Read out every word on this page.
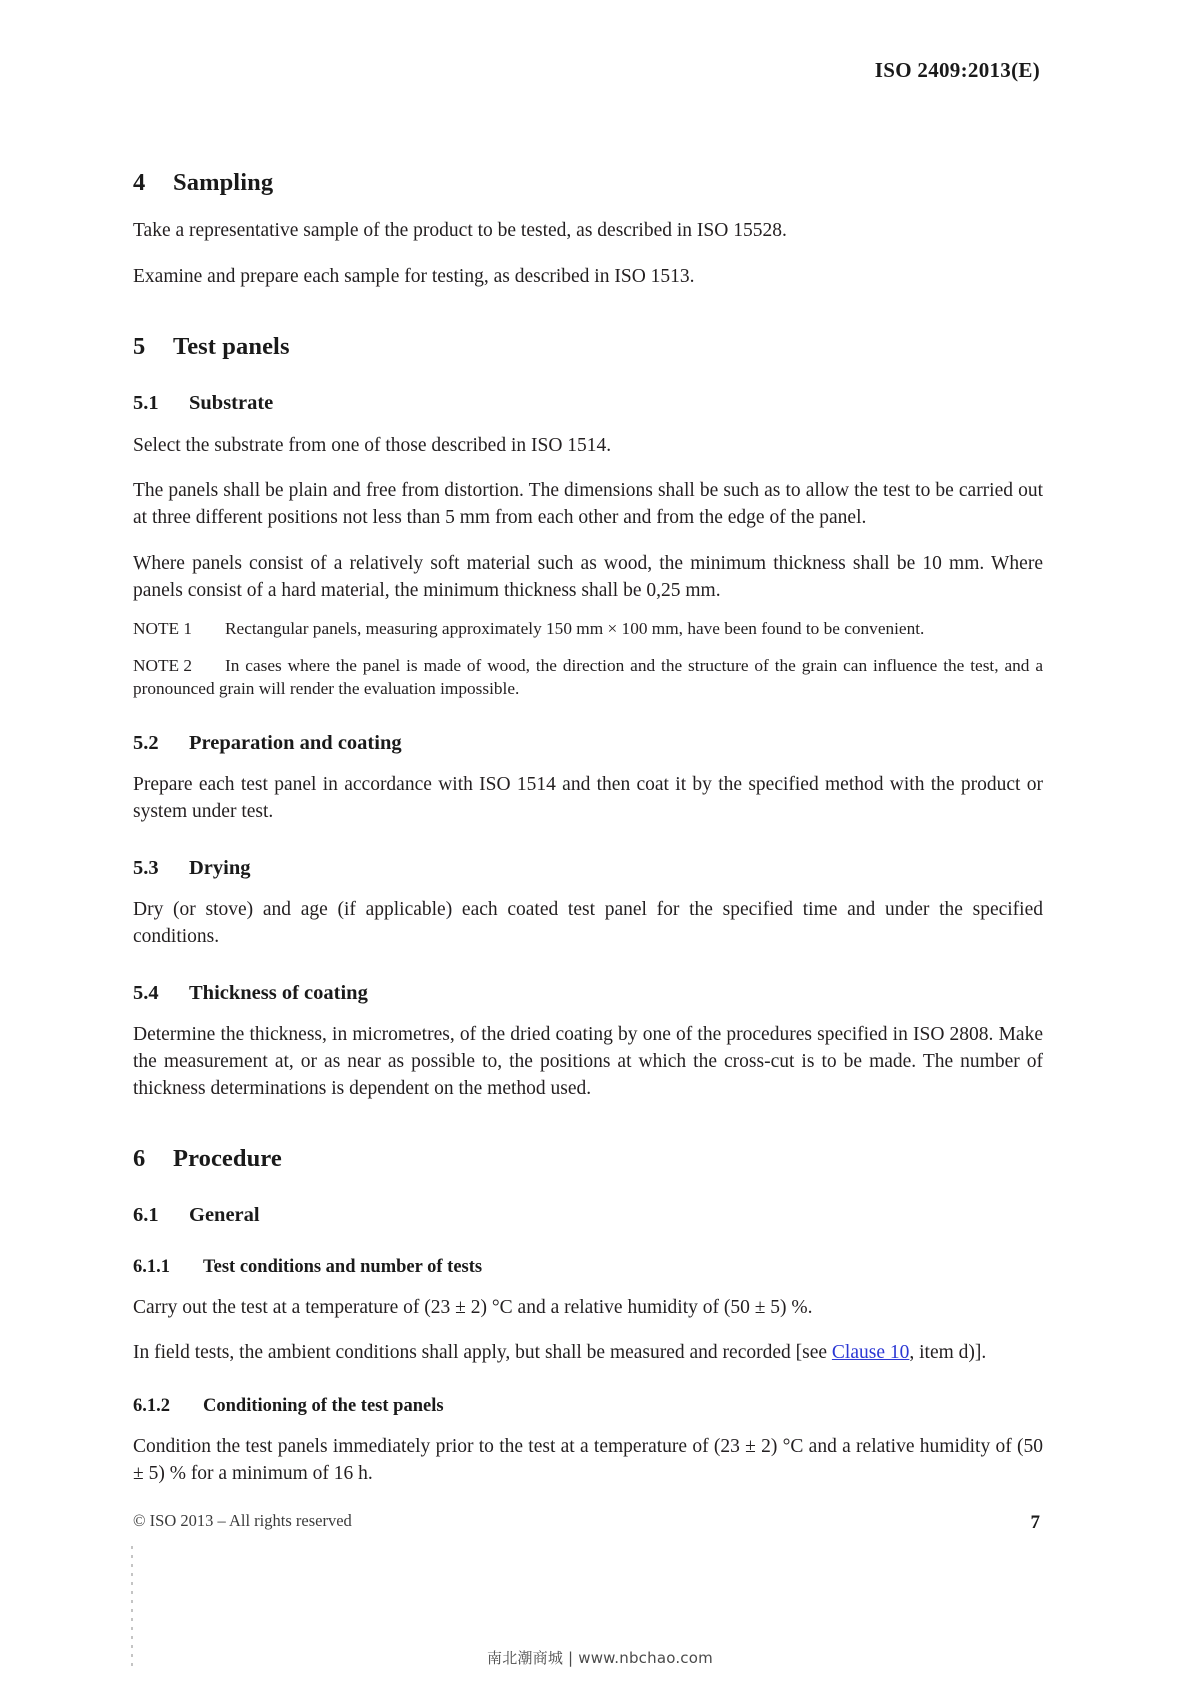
ISO 2409:2013(E)
4 Sampling

Take a representative sample of the product to be tested, as described in ISO 15528.

Examine and prepare each sample for testing, as described in ISO 1513.

5 Test panels
5.1 Substrate

Select the substrate from one of those described in ISO 1514.

The panels shall be plain and free from distortion. The dimensions shall be such as to allow the test to be carried out at three different positions not less than 5 mm from each other and from the edge of the panel.

Where panels consist of a relatively soft material such as wood, the minimum thickness shall be 10 mm. Where panels consist of a hard material, the minimum thickness shall be 0,25 mm.

NOTE 1 Rectangular panels, measuring approximately 150 mm × 100 mm, have been found to be convenient.

NOTE 2 In cases where the panel is made of wood, the direction and the structure of the grain can influence the test, and a pronounced grain will render the evaluation impossible.

5.2 Preparation and coating

Prepare each test panel in accordance with ISO 1514 and then coat it by the specified method with the product or system under test.

5.3 Drying

Dry (or stove) and age (if applicable) each coated test panel for the specified time and under the specified conditions.

5.4 Thickness of coating

Determine the thickness, in micrometres, of the dried coating by one of the procedures specified in ISO 2808. Make the measurement at, or as near as possible to, the positions at which the cross-cut is to be made. The number of thickness determinations is dependent on the method used.

6 Procedure
6.1 General
6.1.1 Test conditions and number of tests

Carry out the test at a temperature of (23 ± 2) °C and a relative humidity of (50 ± 5) %.

In field tests, the ambient conditions shall apply, but shall be measured and recorded [see Clause 10, item d)].

6.1.2 Conditioning of the test panels

Condition the test panels immediately prior to the test at a temperature of (23 ± 2) °C and a relative humidity of (50 ± 5) % for a minimum of 16 h.

© ISO 2013 – All rights reserved	7
南北潮商城 | www.nbchao.com
